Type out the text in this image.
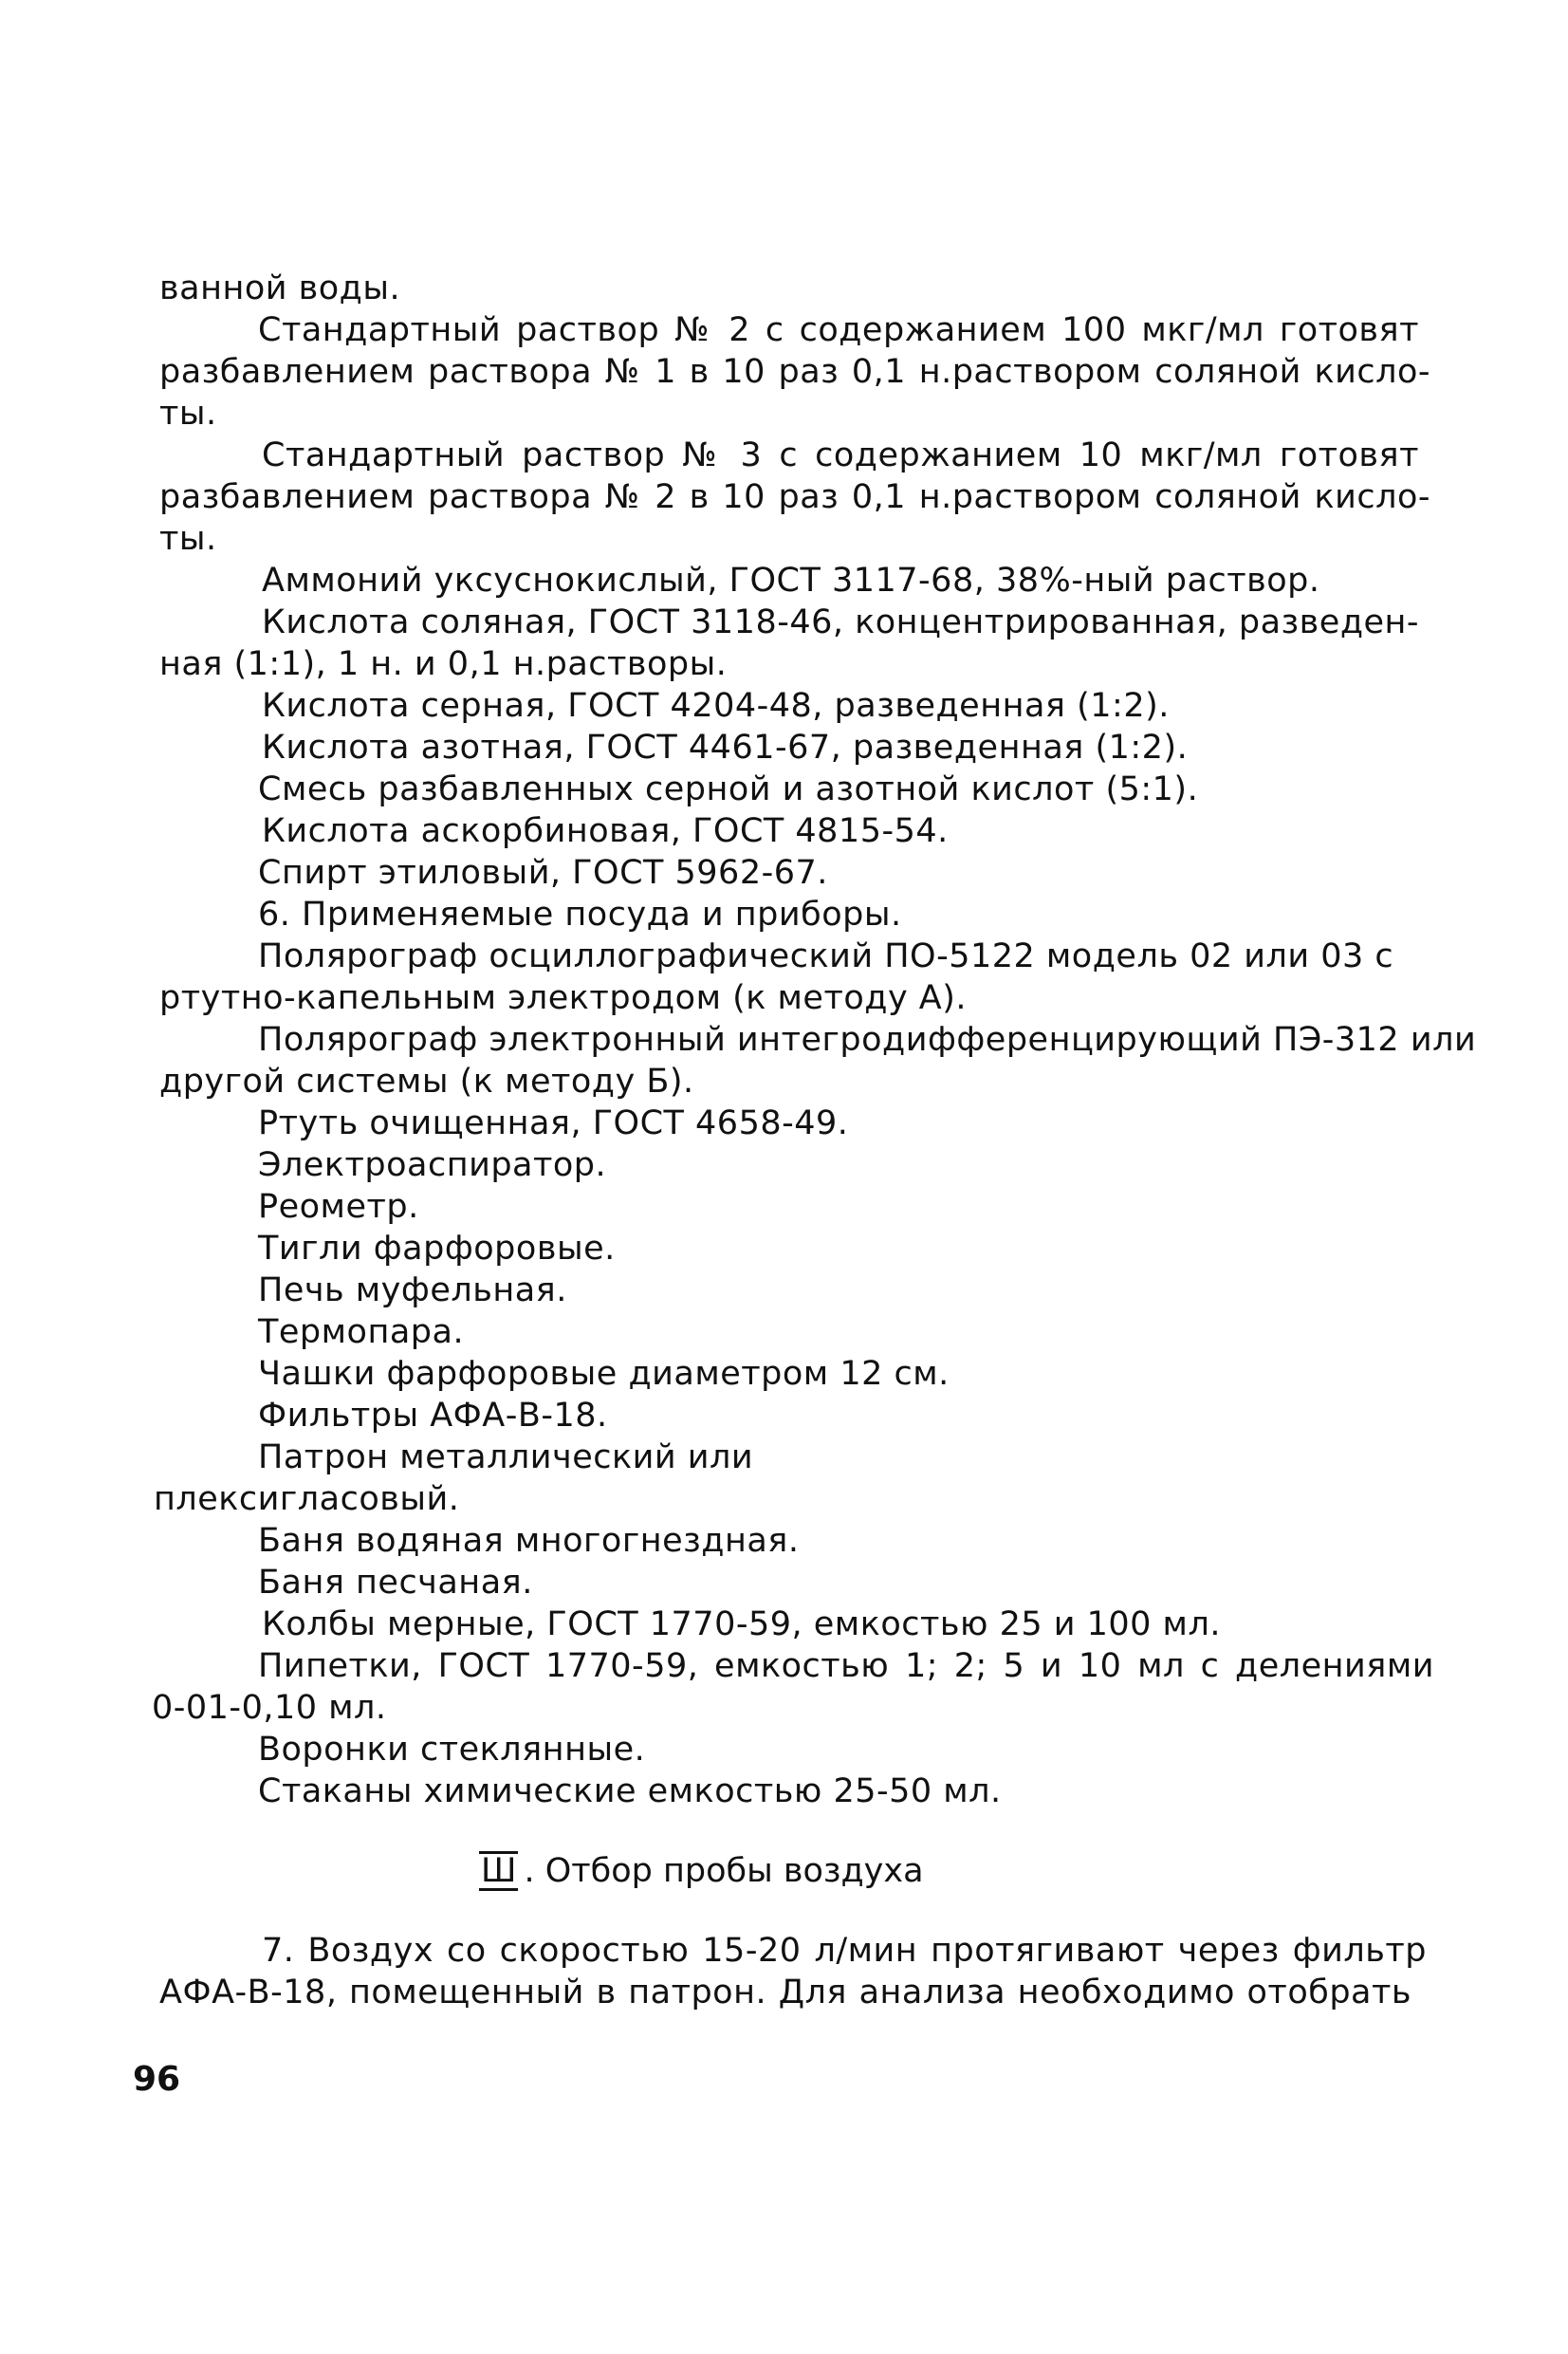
ванной воды.
Стандартный раствор № 2 с содержанием 100 мкг/мл готовят
разбавлением раствора № 1 в 10 раз 0,1 н.раствором соляной кисло-
ты.
Стандартный раствор № 3 с содержанием 10 мкг/мл готовят
разбавлением раствора № 2 в 10 раз 0,1 н.раствором соляной кисло-
ты.
Аммоний уксуснокислый, ГОСТ 3117-68, 38%-ный раствор.
Кислота соляная, ГОСТ 3118-46, концентрированная, разведен-
ная (1:1), 1 н. и 0,1 н.растворы.
Кислота серная, ГОСТ 4204-48, разведенная (1:2).
Кислота азотная, ГОСТ 4461-67, разведенная (1:2).
Смесь разбавленных серной и азотной кислот (5:1).
Кислота аскорбиновая, ГОСТ 4815-54.
Спирт этиловый, ГОСТ 5962-67.
6. Применяемые посуда и приборы.
Полярограф осциллографический ПО-5122 модель 02 или 03 с
ртутно-капельным электродом (к методу А).
Полярограф электронный интегродифференцирующий ПЭ-312 или
другой системы (к методу Б).
Ртуть очищенная, ГОСТ 4658-49.
Электроаспиратор.
Реометр.
Тигли фарфоровые.
Печь муфельная.
Термопара.
Чашки фарфоровые диаметром 12 см.
Фильтры АФА-В-18.
Патрон металлический или
плексигласовый.
Баня водяная многогнездная.
Баня песчаная.
Колбы мерные, ГОСТ 1770-59, емкостью 25 и 100 мл.
Пипетки, ГОСТ 1770-59, емкостью 1; 2; 5 и 10 мл с делениями
0-01-0,10 мл.
Воронки стеклянные.
Стаканы химические емкостью 25-50 мл.
Ш . Отбор пробы воздуха
7. Воздух со скоростью 15-20 л/мин протягивают через фильтр
АФА-В-18, помещенный в патрон. Для анализа необходимо отобрать
96
